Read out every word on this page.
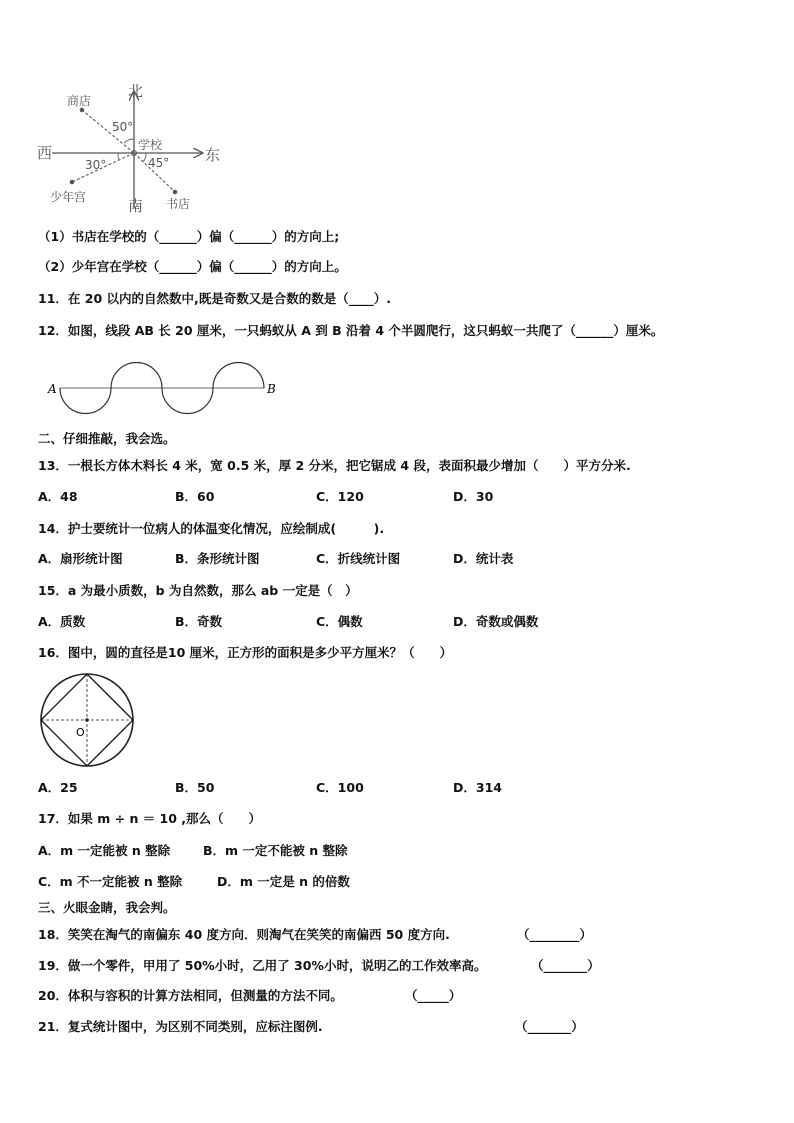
北
南
西	东
学校
商店
书店
少年宫
50°
30°	45°
（1）书店在学校的（______）偏（______）的方向上;
（2）少年宫在学校（______）偏（______）的方向上。
11．在 20 以内的自然数中,既是奇数又是合数的数是（____）.
12．如图，线段 AB 长 20 厘米，一只蚂蚁从 A 到 B 沿着 4 个半圆爬行，这只蚂蚁一共爬了（______）厘米。
A	B
二、仔细推敲，我会选。
13．一根长方体木料长 4 米，宽 0.5 米，厚 2 分米，把它锯成 4 段，表面积最少增加（　　）平方分米.
A．48	B．60	C．120	D．30
14．护士要统计一位病人的体温变化情况，应绘制成(　　　).
A．扇形统计图	B．条形统计图	C．折线统计图	D．统计表
15．a 为最小质数，b 为自然数，那么 ab 一定是（　）
A．质数	B．奇数	C．偶数	D．奇数或偶数
16．图中，圆的直径是10 厘米，正方形的面积是多少平方厘米？（　　）
O
A．25	B．50	C．100	D．314
17．如果 m ÷ n ＝ 10 ,那么（　　）
A．m 一定能被 n 整除	B．m 一定不能被 n 整除
C．m 不一定能被 n 整除	D．m 一定是 n 的倍数
三、火眼金睛，我会判。
18．笑笑在淘气的南偏东 40 度方向．则淘气在笑笑的南偏西 50 度方向.	（________）
19．做一个零件，甲用了 50%小时，乙用了 30%小时，说明乙的工作效率高。	（_______）
20．体积与容积的计算方法相同，但测量的方法不同。	（_____）
21．复式统计图中，为区别不同类别，应标注图例.	（_______）
